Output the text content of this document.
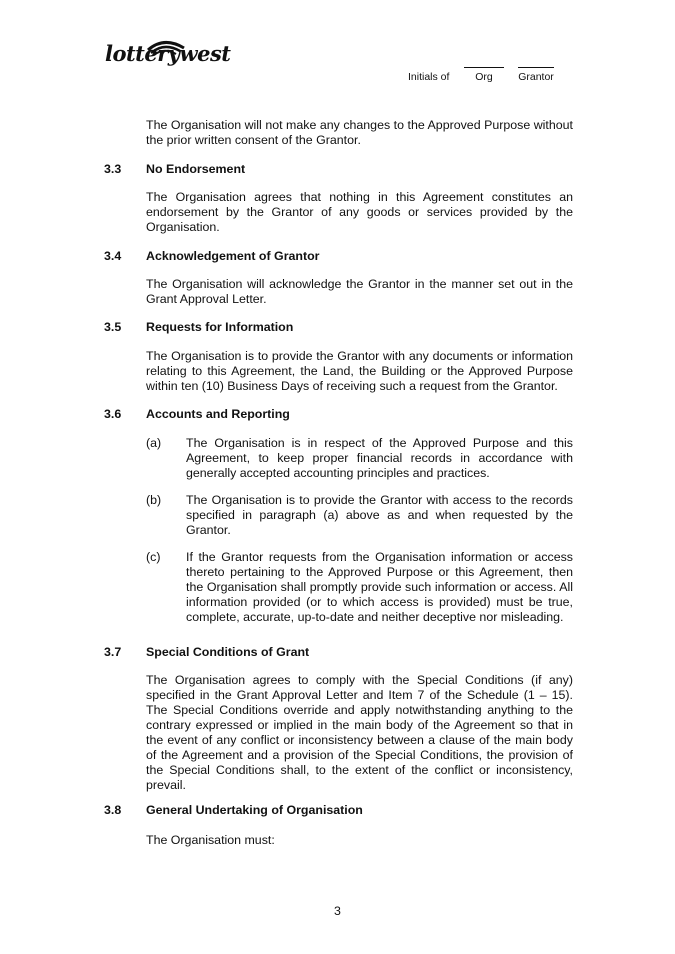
lotterywest
Initials of	Org	Grantor
The Organisation will not make any changes to the Approved Purpose without the prior written consent of the Grantor.
3.3 No Endorsement
The Organisation agrees that nothing in this Agreement constitutes an endorsement by the Grantor of any goods or services provided by the Organisation.
3.4 Acknowledgement of Grantor
The Organisation will acknowledge the Grantor in the manner set out in the Grant Approval Letter.
3.5 Requests for Information
The Organisation is to provide the Grantor with any documents or information relating to this Agreement, the Land, the Building or the Approved Purpose within ten (10) Business Days of receiving such a request from the Grantor.
3.6 Accounts and Reporting
(a) The Organisation is in respect of the Approved Purpose and this Agreement, to keep proper financial records in accordance with generally accepted accounting principles and practices.
(b) The Organisation is to provide the Grantor with access to the records specified in paragraph (a) above as and when requested by the Grantor.
(c) If the Grantor requests from the Organisation information or access thereto pertaining to the Approved Purpose or this Agreement, then the Organisation shall promptly provide such information or access. All information provided (or to which access is provided) must be true, complete, accurate, up-to-date and neither deceptive nor misleading.
3.7 Special Conditions of Grant
The Organisation agrees to comply with the Special Conditions (if any) specified in the Grant Approval Letter and Item 7 of the Schedule (1 – 15). The Special Conditions override and apply notwithstanding anything to the contrary expressed or implied in the main body of the Agreement so that in the event of any conflict or inconsistency between a clause of the main body of the Agreement and a provision of the Special Conditions, the provision of the Special Conditions shall, to the extent of the conflict or inconsistency, prevail.
3.8 General Undertaking of Organisation
The Organisation must:
3
